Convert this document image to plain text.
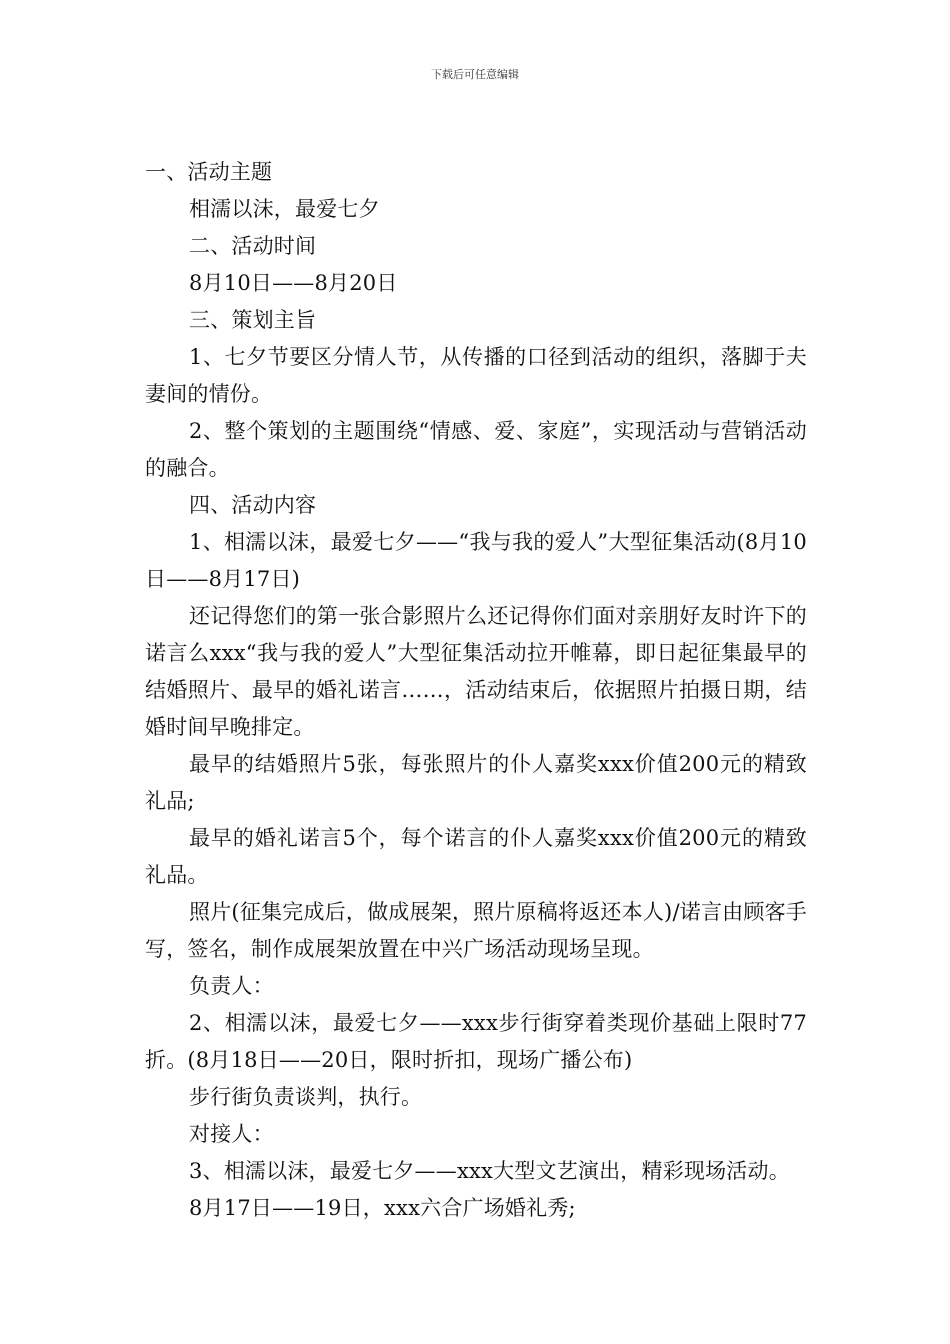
下载后可任意编辑

一、活动主题

相濡以沫，最爱七夕

二、活动时间

8月10日——8月20日

三、策划主旨

1、七夕节要区分情人节，从传播的口径到活动的组织，落脚于夫妻间的情份。

2、整个策划的主题围绕“情感、爱、家庭”，实现活动与营销活动的融合。

四、活动内容

1、相濡以沫，最爱七夕——“我与我的爱人”大型征集活动(8月10日——8月17日)

还记得您们的第一张合影照片么还记得你们面对亲朋好友时许下的诺言么xxx“我与我的爱人”大型征集活动拉开帷幕，即日起征集最早的结婚照片、最早的婚礼诺言……，活动结束后，依据照片拍摄日期，结婚时间早晚排定。

最早的结婚照片5张，每张照片的仆人嘉奖xxx价值200元的精致礼品;

最早的婚礼诺言5个，每个诺言的仆人嘉奖xxx价值200元的精致礼品。

照片(征集完成后，做成展架，照片原稿将返还本人)/诺言由顾客手写，签名，制作成展架放置在中兴广场活动现场呈现。

负责人：

2、相濡以沫，最爱七夕——xxx步行街穿着类现价基础上限时77折。(8月18日——20日，限时折扣，现场广播公布)

步行街负责谈判，执行。

对接人：

3、相濡以沫，最爱七夕——xxx大型文艺演出，精彩现场活动。

8月17日——19日，xxx六合广场婚礼秀;
